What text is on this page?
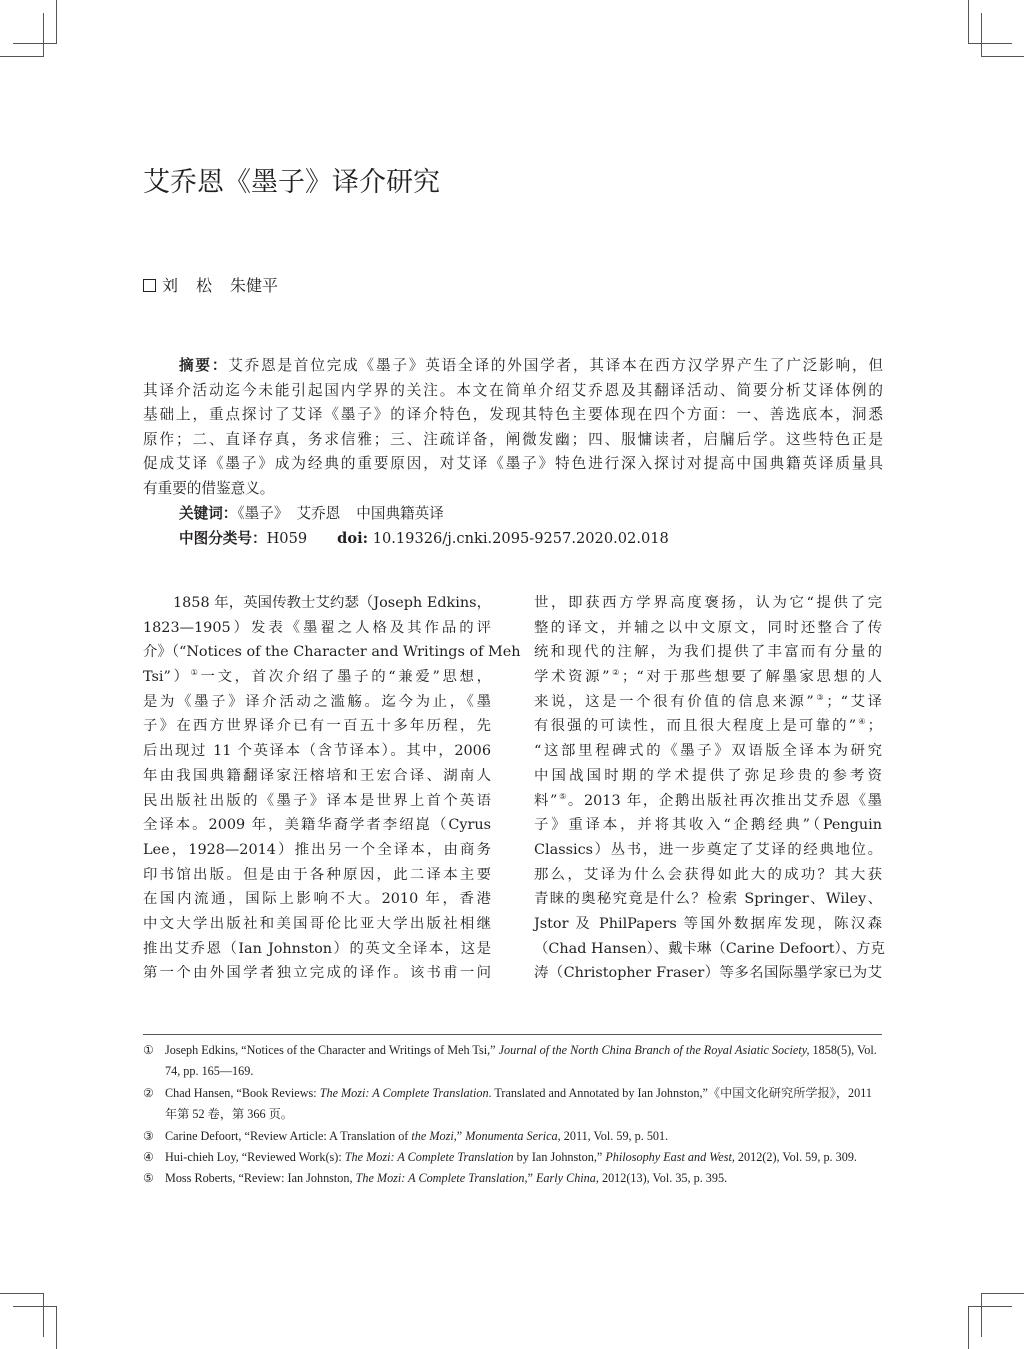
艾乔恩《墨子》译介研究
刘 松 朱健平
摘要：艾乔恩是首位完成《墨子》英语全译的外国学者，其译本在西方汉学界产生了广泛影响，但
其译介活动迄今未能引起国内学界的关注。本文在简单介绍艾乔恩及其翻译活动、简要分析艾译体例的
基础上，重点探讨了艾译《墨子》的译介特色，发现其特色主要体现在四个方面：一、善选底本，洞悉
原作；二、直译存真，务求信雅；三、注疏详备，阐微发幽；四、服慵读者，启牖后学。这些特色正是
促成艾译《墨子》成为经典的重要原因，对艾译《墨子》特色进行深入探讨对提高中国典籍英译质量具
有重要的借鉴意义。
关键词：《墨子》 艾乔恩 中国典籍英译
中图分类号：H059 doi: 10.19326/j.cnki.2095-9257.2020.02.018
1858 年，英国传教士艾约瑟（Joseph Edkins，
1823—1905）发表《墨翟之人格及其作品的评
介》（“Notices of the Character and Writings of Meh
Tsi”）①一文，首次介绍了墨子的“兼爱”思想，
是为《墨子》译介活动之滥觞。迄今为止，《墨
子》在西方世界译介已有一百五十多年历程，先
后出现过 11 个英译本（含节译本）。其中，2006
年由我国典籍翻译家汪榕培和王宏合译、湖南人
民出版社出版的《墨子》译本是世界上首个英语
全译本。2009 年，美籍华裔学者李绍崑（Cyrus
Lee，1928—2014）推出另一个全译本，由商务
印书馆出版。但是由于各种原因，此二译本主要
在国内流通，国际上影响不大。2010 年，香港
中文大学出版社和美国哥伦比亚大学出版社相继
推出艾乔恩（Ian Johnston）的英文全译本，这是
第一个由外国学者独立完成的译作。该书甫一问
世，即获西方学界高度褒扬，认为它“提供了完
整的译文，并辅之以中文原文，同时还整合了传
统和现代的注解，为我们提供了丰富而有分量的
学术资源”②；“对于那些想要了解墨家思想的人
来说，这是一个很有价值的信息来源”③；“艾译
有很强的可读性，而且很大程度上是可靠的”④；
“这部里程碑式的《墨子》双语版全译本为研究
中国战国时期的学术提供了弥足珍贵的参考资
料”⑤。2013 年，企鹅出版社再次推出艾乔恩《墨
子》重译本，并将其收入“企鹅经典”（Penguin
Classics）丛书，进一步奠定了艾译的经典地位。
那么，艾译为什么会获得如此大的成功？其大获
青睐的奥秘究竟是什么？检索 Springer、Wiley、
Jstor 及 PhilPapers 等国外数据库发现，陈汉森
（Chad Hansen）、戴卡琳（Carine Defoort）、方克
涛（Christopher Fraser）等多名国际墨学家已为艾
① Joseph Edkins, “Notices of the Character and Writings of Meh Tsi,” Journal of the North China Branch of the Royal Asiatic Society, 1858(5), Vol. 74, pp. 165—169.
② Chad Hansen, “Book Reviews: The Mozi: A Complete Translation. Translated and Annotated by Ian Johnston,”《中国文化研究所学报》，2011 年第 52 卷，第 366 页。
③ Carine Defoort, “Review Article: A Translation of the Mozi,” Monumenta Serica, 2011, Vol. 59, p. 501.
④ Hui-chieh Loy, “Reviewed Work(s): The Mozi: A Complete Translation by Ian Johnston,” Philosophy East and West, 2012(2), Vol. 59, p. 309.
⑤ Moss Roberts, “Review: Ian Johnston, The Mozi: A Complete Translation,” Early China, 2012(13), Vol. 35, p. 395.
